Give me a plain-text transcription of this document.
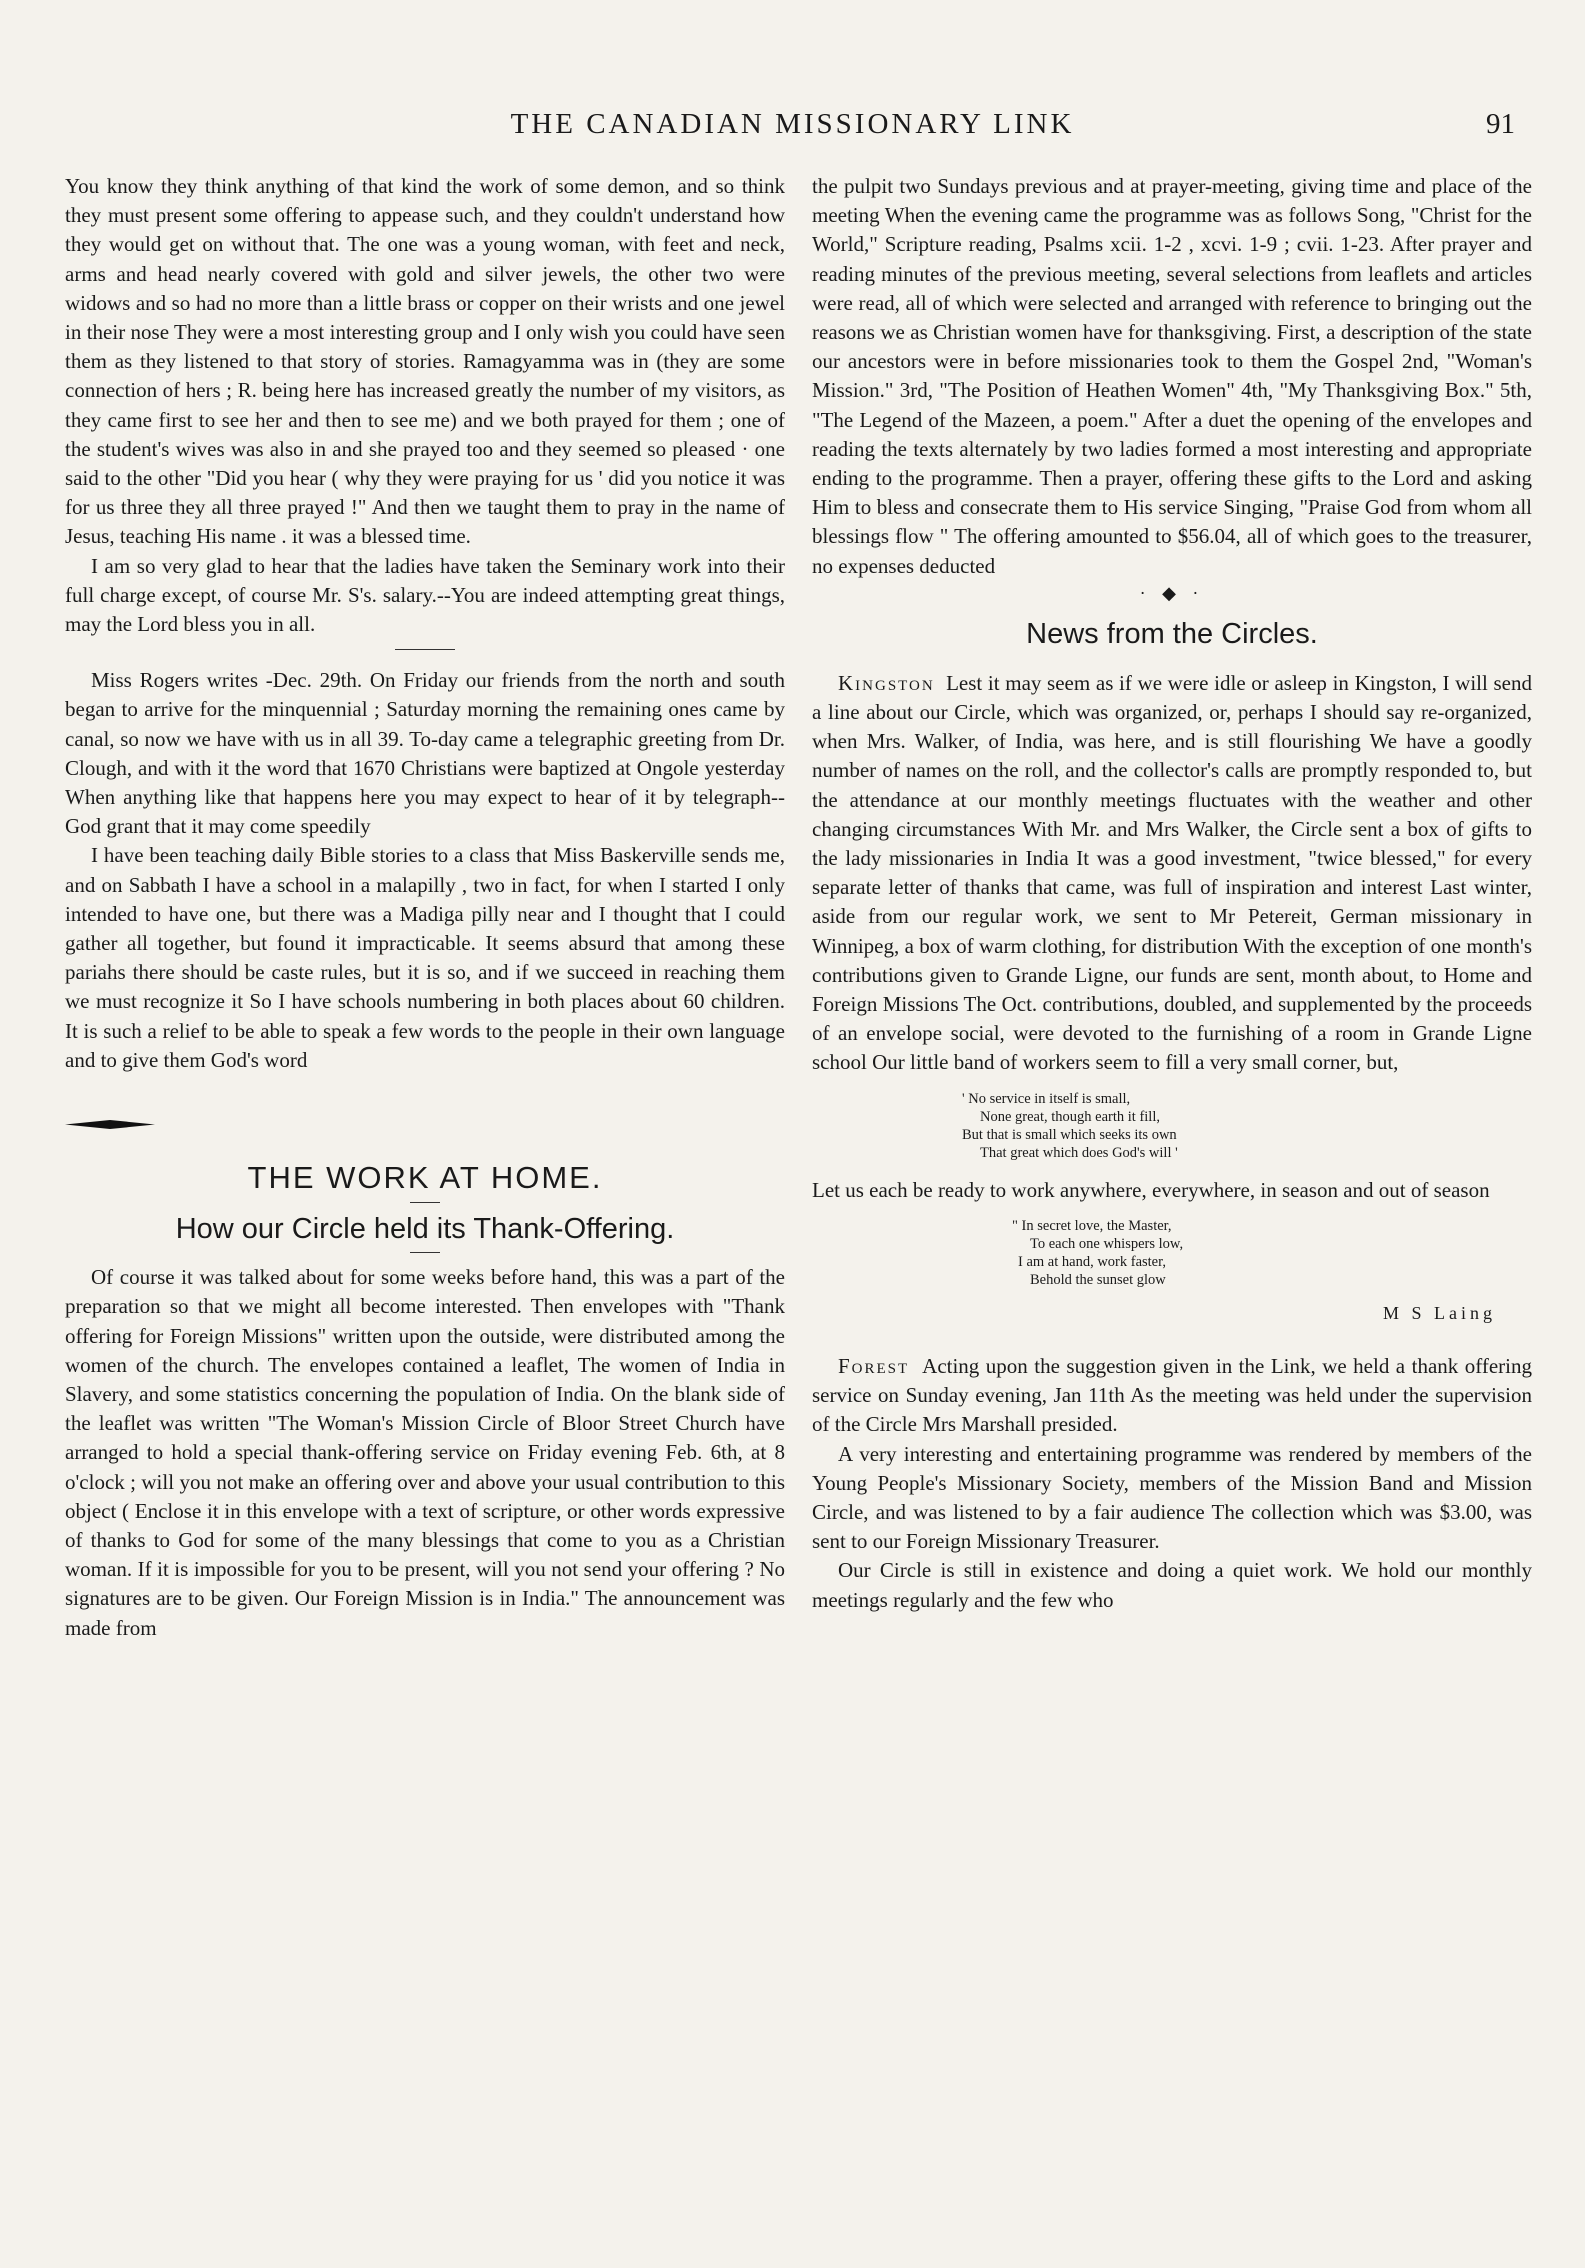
THE CANADIAN MISSIONARY LINK	91

You know they think anything of that kind the work of some demon, and so think they must present some offering to appease such, and they couldn't understand how they would get on without that. The one was a young woman, with feet and neck, arms and head nearly covered with gold and silver jewels, the other two were widows and so had no more than a little brass or copper on their wrists and one jewel in their nose They were a most interesting group and I only wish you could have seen them as they listened to that story of stories. Ramagyamma was in (they are some connection of hers ; R. being here has increased greatly the number of my visitors, as they came first to see her and then to see me) and we both prayed for them ; one of the student's wives was also in and she prayed too and they seemed so pleased · one said to the other "Did you hear ( why they were praying for us ' did you notice it was for us three they all three prayed !" And then we taught them to pray in the name of Jesus, teaching His name . it was a blessed time.

I am so very glad to hear that the ladies have taken the Seminary work into their full charge except, of course Mr. S's. salary.--You are indeed attempting great things, may the Lord bless you in all.

Miss Rogers writes -Dec. 29th. On Friday our friends from the north and south began to arrive for the minquennial ; Saturday morning the remaining ones came by canal, so now we have with us in all 39. To-day came a telegraphic greeting from Dr. Clough, and with it the word that 1670 Christians were baptized at Ongole yesterday When anything like that happens here you may expect to hear of it by telegraph-- God grant that it may come speedily

I have been teaching daily Bible stories to a class that Miss Baskerville sends me, and on Sabbath I have a school in a malapilly , two in fact, for when I started I only intended to have one, but there was a Madiga pilly near and I thought that I could gather all together, but found it impracticable. It seems absurd that among these pariahs there should be caste rules, but it is so, and if we succeed in reaching them we must recognize it So I have schools numbering in both places about 60 children. It is such a relief to be able to speak a few words to the people in their own language and to give them God's word

THE WORK AT HOME.
How our Circle held its Thank-Offering.

Of course it was talked about for some weeks before hand, this was a part of the preparation so that we might all become interested. Then envelopes with "Thank offering for Foreign Missions" written upon the outside, were distributed among the women of the church. The envelopes contained a leaflet, The women of India in Slavery, and some statistics concerning the population of India. On the blank side of the leaflet was written "The Woman's Mission Circle of Bloor Street Church have arranged to hold a special thank-offering service on Friday evening Feb. 6th, at 8 o'clock ; will you not make an offering over and above your usual contribution to this object ( Enclose it in this envelope with a text of scripture, or other words expressive of thanks to God for some of the many blessings that come to you as a Christian woman. If it is impossible for you to be present, will you not send your offering ? No signatures are to be given. Our Foreign Mission is in India." The announcement was made from

the pulpit two Sundays previous and at prayer-meeting, giving time and place of the meeting When the evening came the programme was as follows Song, "Christ for the World," Scripture reading, Psalms xcii. 1-2 , xcvi. 1-9 ; cvii. 1-23. After prayer and reading minutes of the previous meeting, several selections from leaflets and articles were read, all of which were selected and arranged with reference to bringing out the reasons we as Christian women have for thanksgiving. First, a description of the state our ancestors were in before missionaries took to them the Gospel 2nd, "Woman's Mission." 3rd, "The Position of Heathen Women" 4th, "My Thanksgiving Box." 5th, "The Legend of the Mazeen, a poem." After a duet the opening of the envelopes and reading the texts alternately by two ladies formed a most interesting and appropriate ending to the programme. Then a prayer, offering these gifts to the Lord and asking Him to bless and consecrate them to His service Singing, "Praise God from whom all blessings flow " The offering amounted to $56.04, all of which goes to the treasurer, no expenses deducted

· ◆ ·
News from the Circles.

Kingston Lest it may seem as if we were idle or asleep in Kingston, I will send a line about our Circle, which was organized, or, perhaps I should say re-organized, when Mrs. Walker, of India, was here, and is still flourishing We have a goodly number of names on the roll, and the collector's calls are promptly responded to, but the attendance at our monthly meetings fluctuates with the weather and other changing circumstances With Mr. and Mrs Walker, the Circle sent a box of gifts to the lady missionaries in India It was a good investment, "twice blessed," for every separate letter of thanks that came, was full of inspiration and interest Last winter, aside from our regular work, we sent to Mr Petereit, German missionary in Winnipeg, a box of warm clothing, for distribution With the exception of one month's contributions given to Grande Ligne, our funds are sent, month about, to Home and Foreign Missions The Oct. contributions, doubled, and supplemented by the proceeds of an envelope social, were devoted to the furnishing of a room in Grande Ligne school Our little band of workers seem to fill a very small corner, but,

' No service in itself is small,
None great, though earth it fill,
But that is small which seeks its own
That great which does God's will '

Let us each be ready to work anywhere, everywhere, in season and out of season

" In secret love, the Master,
To each one whispers low,
I am at hand, work faster,
Behold the sunset glow
M S Laing

Forest Acting upon the suggestion given in the Link, we held a thank offering service on Sunday evening, Jan 11th As the meeting was held under the supervision of the Circle Mrs Marshall presided.

A very interesting and entertaining programme was rendered by members of the Young People's Missionary Society, members of the Mission Band and Mission Circle, and was listened to by a fair audience The collection which was $3.00, was sent to our Foreign Missionary Treasurer.

Our Circle is still in existence and doing a quiet work. We hold our monthly meetings regularly and the few who
